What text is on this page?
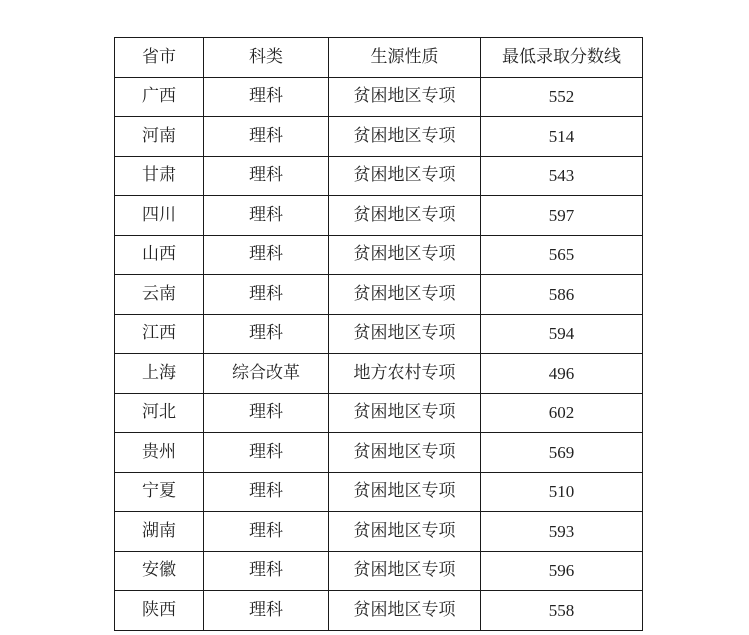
省市	科类	生源性质	最低录取分数线
广西	理科	贫困地区专项	552
河南	理科	贫困地区专项	514
甘肃	理科	贫困地区专项	543
四川	理科	贫困地区专项	597
山西	理科	贫困地区专项	565
云南	理科	贫困地区专项	586
江西	理科	贫困地区专项	594
上海	综合改革	地方农村专项	496
河北	理科	贫困地区专项	602
贵州	理科	贫困地区专项	569
宁夏	理科	贫困地区专项	510
湖南	理科	贫困地区专项	593
安徽	理科	贫困地区专项	596
陕西	理科	贫困地区专项	558
